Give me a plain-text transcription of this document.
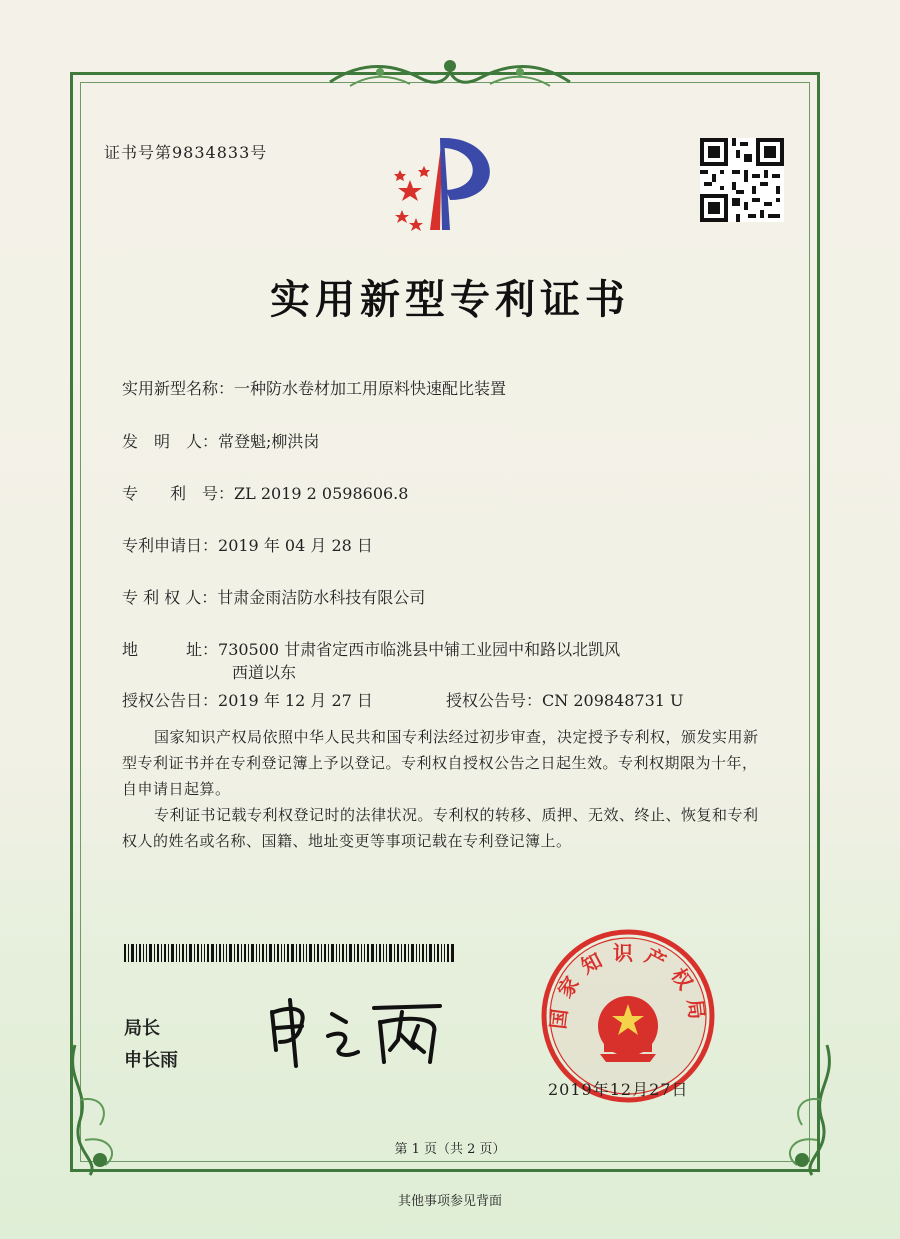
证书号第9834833号
实用新型专利证书
实用新型名称：一种防水卷材加工用原料快速配比装置
发　明　人：常登魁;柳洪岗
专　　利　号：ZL 2019 2 0598606.8
专利申请日：2019 年 04 月 28 日
专 利 权 人：甘肃金雨洁防水科技有限公司
地　　　址：730500 甘肃省定西市临洮县中铺工业园中和路以北凯风
西道以东
授权公告日：2019 年 12 月 27 日	授权公告号：CN 209848731 U
国家知识产权局依照中华人民共和国专利法经过初步审查，决定授予专利权，颁发实用新型专利证书并在专利登记簿上予以登记。专利权自授权公告之日起生效。专利权期限为十年，自申请日起算。
专利证书记载专利权登记时的法律状况。专利权的转移、质押、无效、终止、恢复和专利权人的姓名或名称、国籍、地址变更等事项记载在专利登记簿上。
局长
申长雨
国家知识产权局
2019年12月27日
第 1 页（共 2 页）
其他事项参见背面
